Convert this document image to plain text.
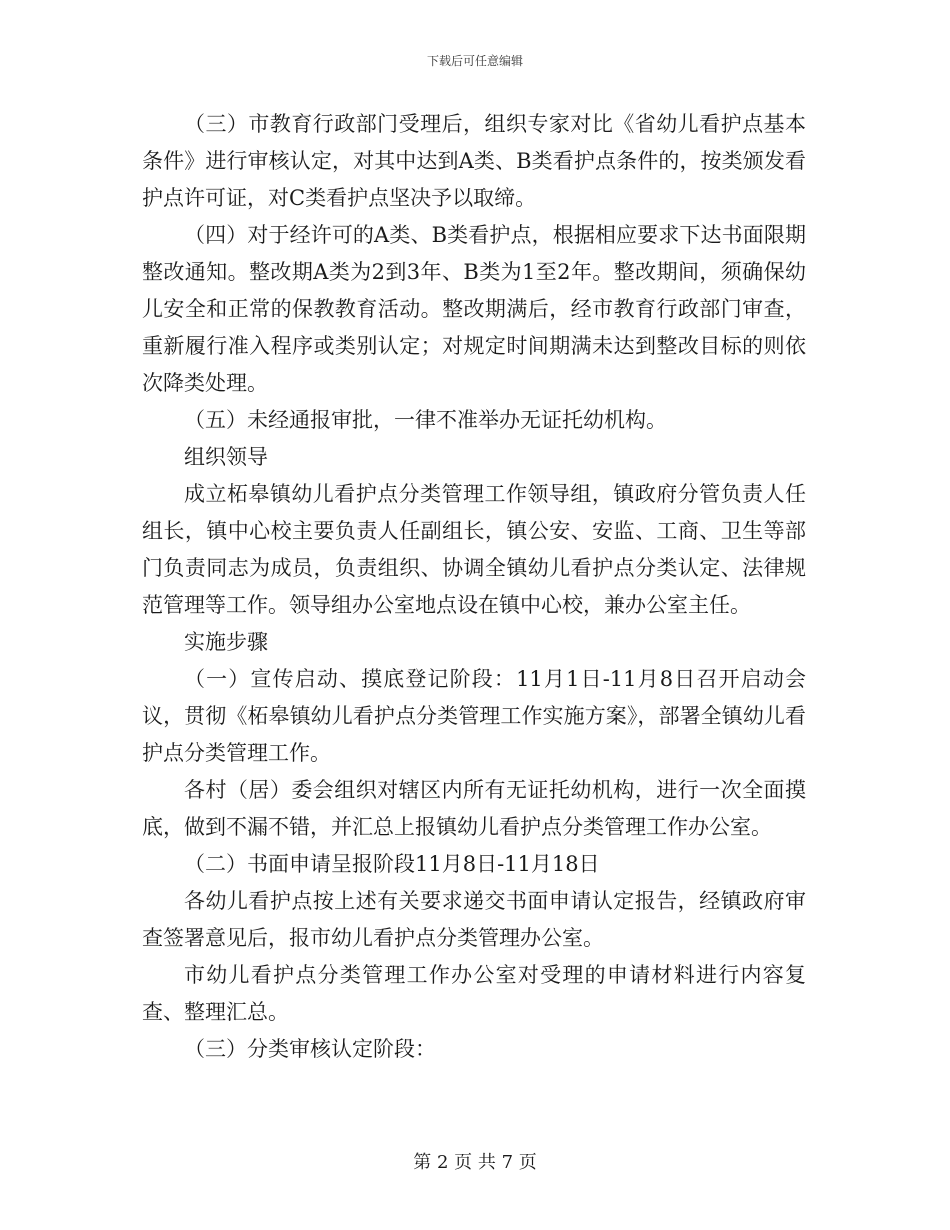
下载后可任意编辑

（三）市教育行政部门受理后，组织专家对比《省幼儿看护点基本条件》进行审核认定，对其中达到A类、B类看护点条件的，按类颁发看护点许可证，对C类看护点坚决予以取缔。

（四）对于经许可的A类、B类看护点，根据相应要求下达书面限期整改通知。整改期A类为2到3年、B类为1至2年。整改期间，须确保幼儿安全和正常的保教教育活动。整改期满后，经市教育行政部门审查，重新履行准入程序或类别认定；对规定时间期满未达到整改目标的则依次降类处理。

（五）未经通报审批，一律不准举办无证托幼机构。

组织领导

成立柘皋镇幼儿看护点分类管理工作领导组，镇政府分管负责人任组长，镇中心校主要负责人任副组长，镇公安、安监、工商、卫生等部门负责同志为成员，负责组织、协调全镇幼儿看护点分类认定、法律规范管理等工作。领导组办公室地点设在镇中心校，兼办公室主任。

实施步骤

（一）宣传启动、摸底登记阶段：11月1日-11月8日召开启动会议，贯彻《柘皋镇幼儿看护点分类管理工作实施方案》，部署全镇幼儿看护点分类管理工作。

各村（居）委会组织对辖区内所有无证托幼机构，进行一次全面摸底，做到不漏不错，并汇总上报镇幼儿看护点分类管理工作办公室。

（二）书面申请呈报阶段11月8日-11月18日

各幼儿看护点按上述有关要求递交书面申请认定报告，经镇政府审查签署意见后，报市幼儿看护点分类管理办公室。

市幼儿看护点分类管理工作办公室对受理的申请材料进行内容复查、整理汇总。

（三）分类审核认定阶段：

第 2 页 共 7 页
